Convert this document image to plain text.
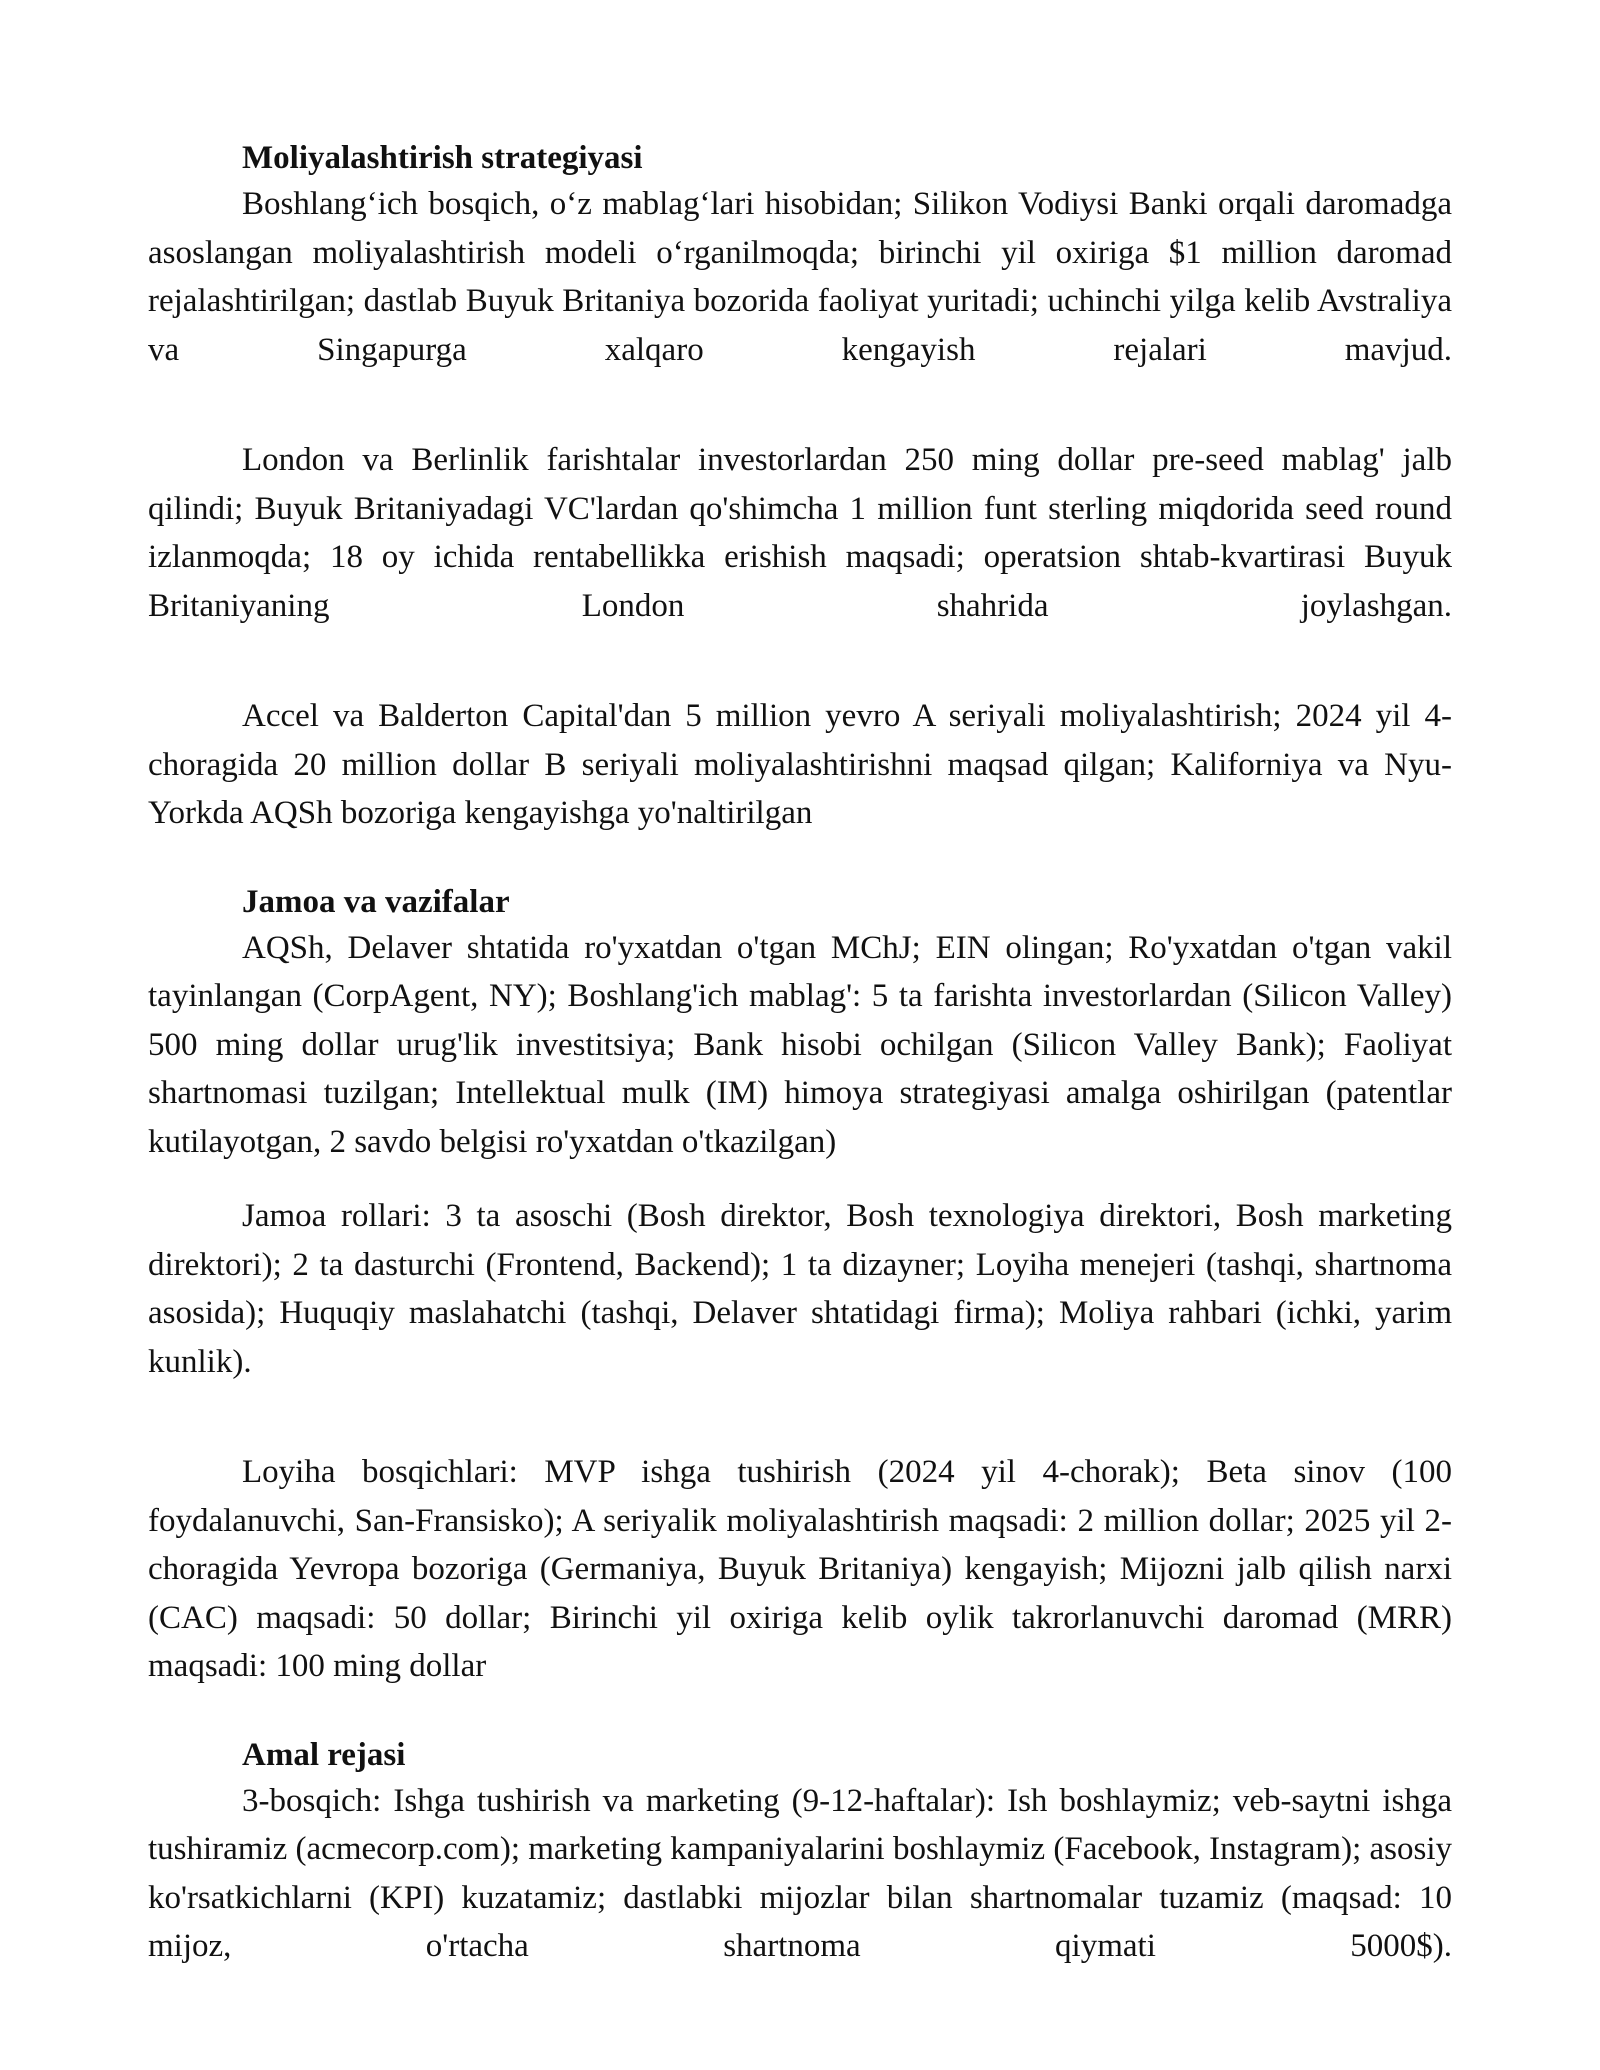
Moliyalashtirish strategiyasi

Boshlang‘ich bosqich, o‘z mablag‘lari hisobidan; Silikon Vodiysi Banki orqali daromadga asoslangan moliyalashtirish modeli o‘rganilmoqda; birinchi yil oxiriga $1 million daromad rejalashtirilgan; dastlab Buyuk Britaniya bozorida faoliyat yuritadi; uchinchi yilga kelib Avstraliya va Singapurga xalqaro kengayish rejalari mavjud.

London va Berlinlik farishtalar investorlardan 250 ming dollar pre-seed mablag' jalb qilindi; Buyuk Britaniyadagi VC'lardan qo'shimcha 1 million funt sterling miqdorida seed round izlanmoqda; 18 oy ichida rentabellikka erishish maqsadi; operatsion shtab-kvartirasi Buyuk Britaniyaning London shahrida joylashgan.

Accel va Balderton Capital'dan 5 million yevro A seriyali moliyalashtirish; 2024 yil 4-choragida 20 million dollar B seriyali moliyalashtirishni maqsad qilgan; Kaliforniya va Nyu-Yorkda AQSh bozoriga kengayishga yo'naltirilgan

Jamoa va vazifalar

AQSh, Delaver shtatida ro'yxatdan o'tgan MChJ; EIN olingan; Ro'yxatdan o'tgan vakil tayinlangan (CorpAgent, NY); Boshlang'ich mablag': 5 ta farishta investorlardan (Silicon Valley) 500 ming dollar urug'lik investitsiya; Bank hisobi ochilgan (Silicon Valley Bank); Faoliyat shartnomasi tuzilgan; Intellektual mulk (IM) himoya strategiyasi amalga oshirilgan (patentlar kutilayotgan, 2 savdo belgisi ro'yxatdan o'tkazilgan)

Jamoa rollari: 3 ta asoschi (Bosh direktor, Bosh texnologiya direktori, Bosh marketing direktori); 2 ta dasturchi (Frontend, Backend); 1 ta dizayner; Loyiha menejeri (tashqi, shartnoma asosida); Huquqiy maslahatchi (tashqi, Delaver shtatidagi firma); Moliya rahbari (ichki, yarim kunlik).

Loyiha bosqichlari: MVP ishga tushirish (2024 yil 4-chorak); Beta sinov (100 foydalanuvchi, San-Fransisko); A seriyalik moliyalashtirish maqsadi: 2 million dollar; 2025 yil 2-choragida Yevropa bozoriga (Germaniya, Buyuk Britaniya) kengayish; Mijozni jalb qilish narxi (CAC) maqsadi: 50 dollar; Birinchi yil oxiriga kelib oylik takrorlanuvchi daromad (MRR) maqsadi: 100 ming dollar

Amal rejasi

3-bosqich: Ishga tushirish va marketing (9-12-haftalar): Ish boshlaymiz; veb-saytni ishga tushiramiz (acmecorp.com); marketing kampaniyalarini boshlaymiz (Facebook, Instagram); asosiy ko'rsatkichlarni (KPI) kuzatamiz; dastlabki mijozlar bilan shartnomalar tuzamiz (maqsad: 10 mijoz, o'rtacha shartnoma qiymati 5000$).
